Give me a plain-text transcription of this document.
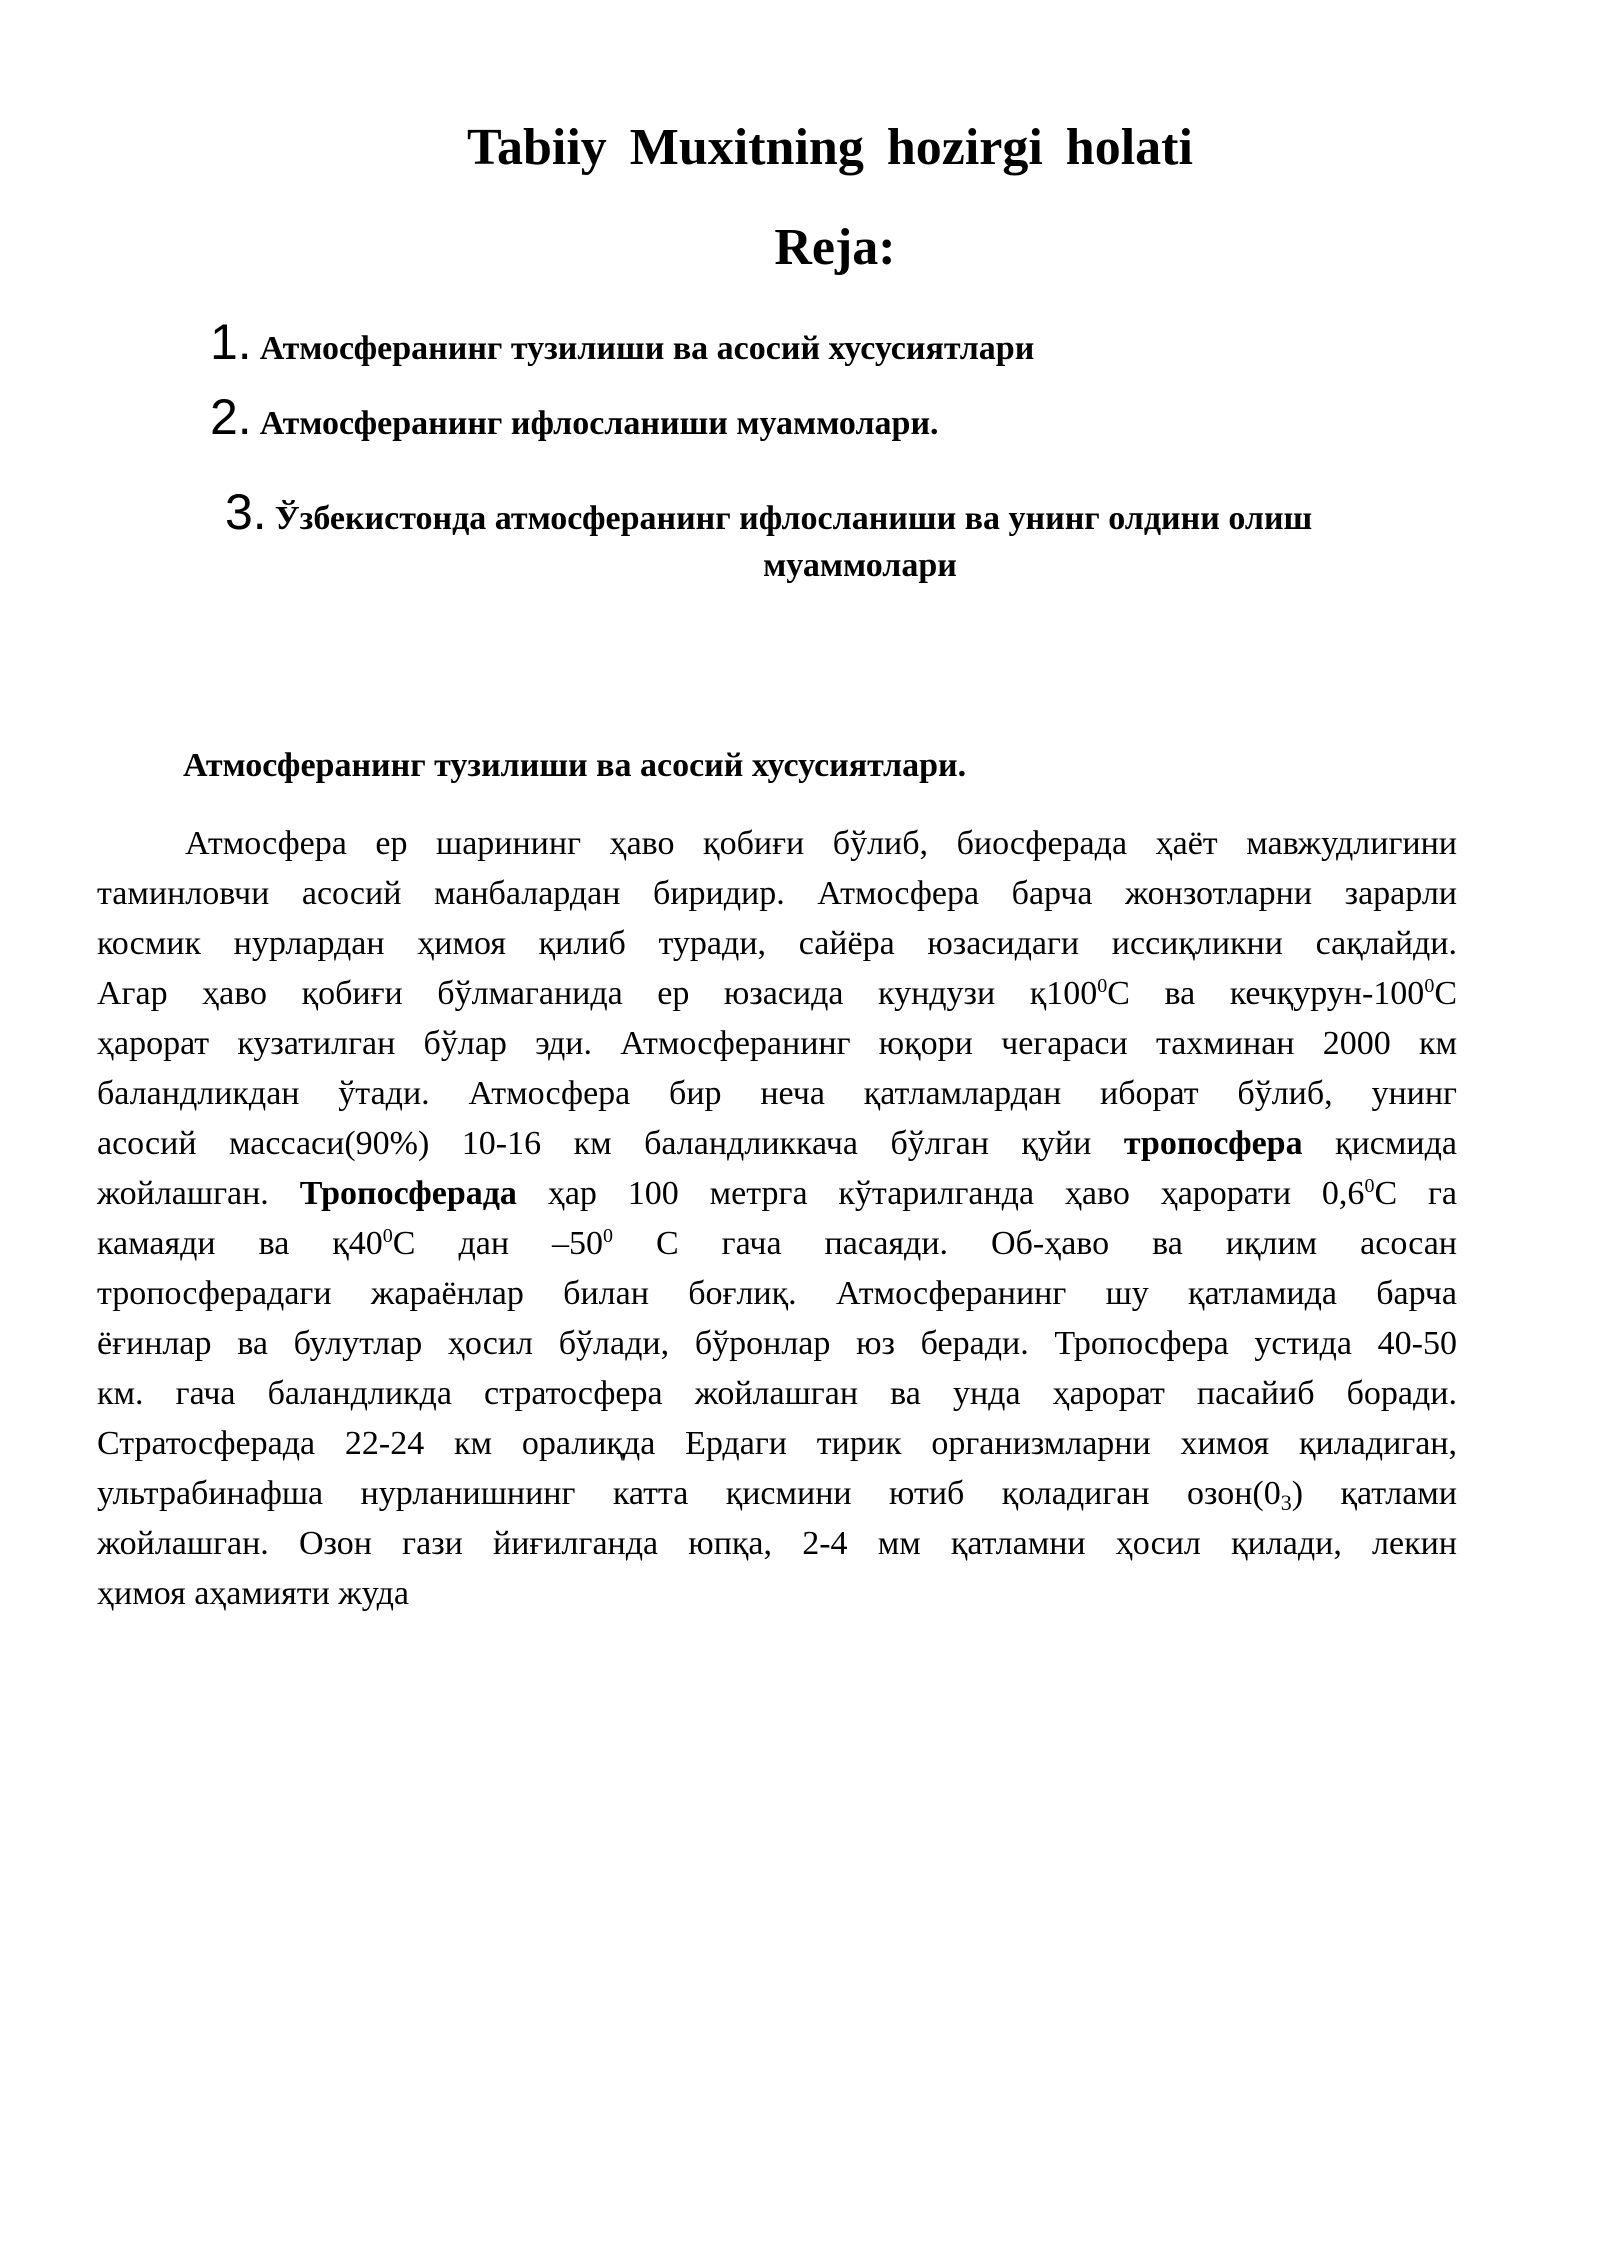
Tabiiy Muxitning hozirgi holati
Reja:
1. Атмосферанинг тузилиши ва асосий хусусиятлари
2. Атмосферанинг ифлосланиши муаммолари.
3. Ўзбекистонда атмосферанинг ифлосланиши ва унинг олдини олиш
муаммолари
Атмосферанинг тузилиши ва асосий хусусиятлари.
Атмосфера ер шарининг ҳаво қобиғи бўлиб, биосферада ҳаёт мавжудлигини
таминловчи асосий манбалардан биридир. Атмосфера барча жонзотларни зарарли
космик нурлардан ҳимоя қилиб туради, сайёра юзасидаги иссиқликни сақлайди.
Агар ҳаво қобиғи бўлмаганида ер юзасида кундузи $қ100^0С$ ва кечқурун-$100^0С$
ҳарорат кузатилган бўлар эди. Атмосферанинг юқори чегараси тахминан 2000 км
баландликдан ўтади. Атмосфера бир неча қатламлардан иборат бўлиб, унинг
асосий массаси(90%) 10-16 км баландликкача бўлган қуйи тропосфера қисмида
жойлашган. Тропосферада ҳар 100 метрга кўтарилганда ҳаво ҳарорати $0,6^0С$ га
камаяди ва $қ40^0С$ дан $-50^0$ С гача пасаяди. Об-ҳаво ва иқлим асосан
тропосферадаги жараёнлар билан боғлиқ. Атмосферанинг шу қатламида барча
ёғинлар ва булутлар ҳосил бўлади, бўронлар юз беради. Тропосфера устида 40-50
км. гача баландликда стратосфера жойлашган ва унда ҳарорат пасайиб боради.
Стратосферада 22-24 км оралиқда Ердаги тирик организмларни химоя қиладиган,
ультрабинафша нурланишнинг катта қисмини ютиб қоладиган $озон(0_3)$ қатлами
жойлашган. Озон гази йиғилганда юпқа, 2-4 мм қатламни ҳосил қилади, лекин
ҳимоя аҳамияти жуда
